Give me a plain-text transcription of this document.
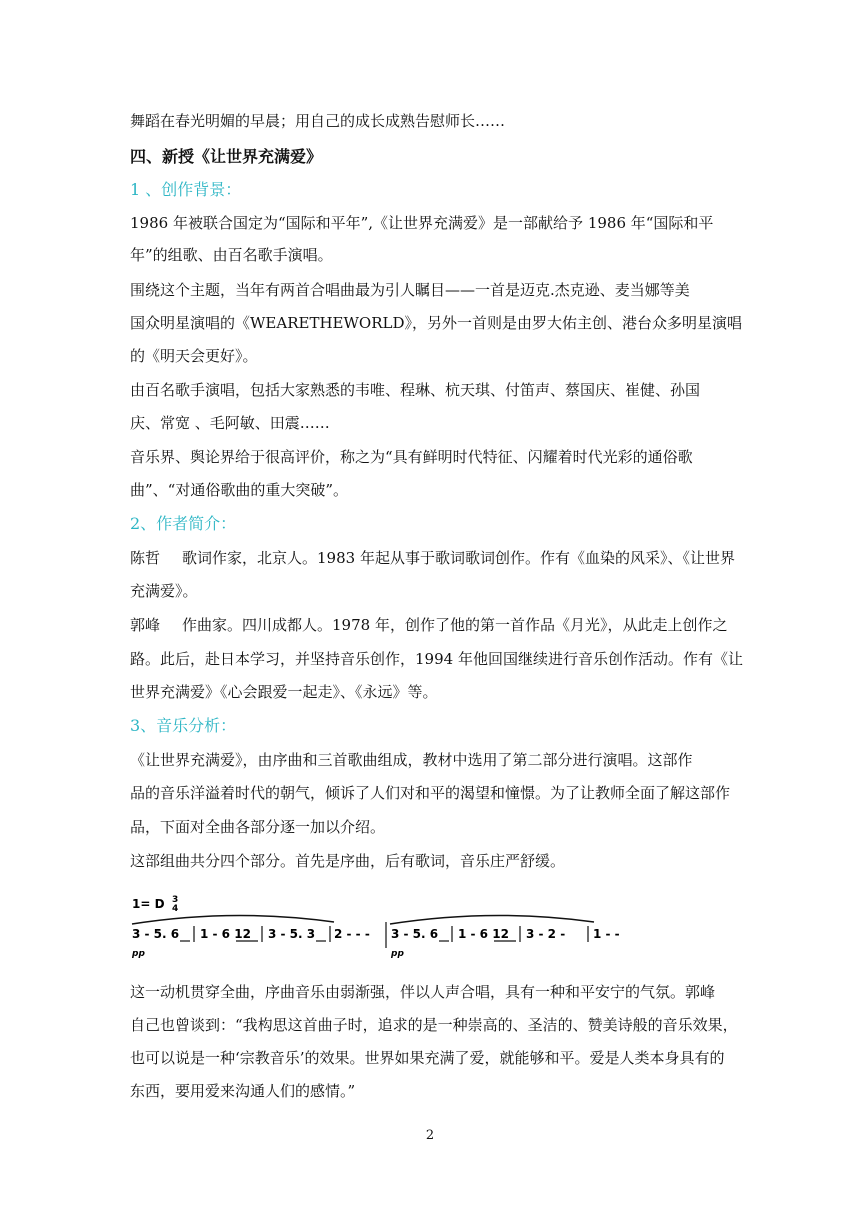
舞蹈在春光明媚的早晨；用自己的成长成熟告慰师长……
四、新授《让世界充满爱》
1 、创作背景：
1986 年被联合国定为“国际和平年”,《让世界充满爱》是一部献给予 1986 年“国际和平
年”的组歌、由百名歌手演唱。
围绕这个主题，当年有两首合唱曲最为引人瞩目——一首是迈克.杰克逊、麦当娜等美
国众明星演唱的《WEARETHEWORLD》，另外一首则是由罗大佑主创、港台众多明星演唱
的《明天会更好》。
由百名歌手演唱，包括大家熟悉的韦唯、程琳、杭天琪、付笛声、蔡国庆、崔健、孙国
庆、常宽 、毛阿敏、田震……
音乐界、舆论界给于很高评价，称之为“具有鲜明时代特征、闪耀着时代光彩的通俗歌
曲”、“对通俗歌曲的重大突破”。
2、作者简介：
陈哲 歌词作家，北京人。1983 年起从事于歌词歌词创作。作有《血染的风采》、《让世界
充满爱》。
郭峰 作曲家。四川成都人。1978 年，创作了他的第一首作品《月光》，从此走上创作之
路。此后，赴日本学习，并坚持音乐创作，1994 年他回国继续进行音乐创作活动。作有《让
世界充满爱》《心会跟爱一起走》、《永远》等。
3、音乐分析：
《让世界充满爱》，由序曲和三首歌曲组成，教材中选用了第二部分进行演唱。这部作
品的音乐洋溢着时代的朝气，倾诉了人们对和平的渴望和憧憬。为了让教师全面了解这部作
品，下面对全曲各部分逐一加以介绍。
这部组曲共分四个部分。首先是序曲，后有歌词，音乐庄严舒缓。
1= D 3
4
3 - 5. 6 1 - 6 12 3 - 5. 3 2 - - - 3 - 5. 6 1 - 6 12 3 - 2 - 1 - -
pp	pp
这一动机贯穿全曲，序曲音乐由弱渐强，伴以人声合唱，具有一种和平安宁的气氛。郭峰
自己也曾谈到：“我构思这首曲子时，追求的是一种崇高的、圣洁的、赞美诗般的音乐效果，
也可以说是一种‘宗教音乐’的效果。世界如果充满了爱，就能够和平。爱是人类本身具有的
东西，要用爱来沟通人们的感情。”
2
